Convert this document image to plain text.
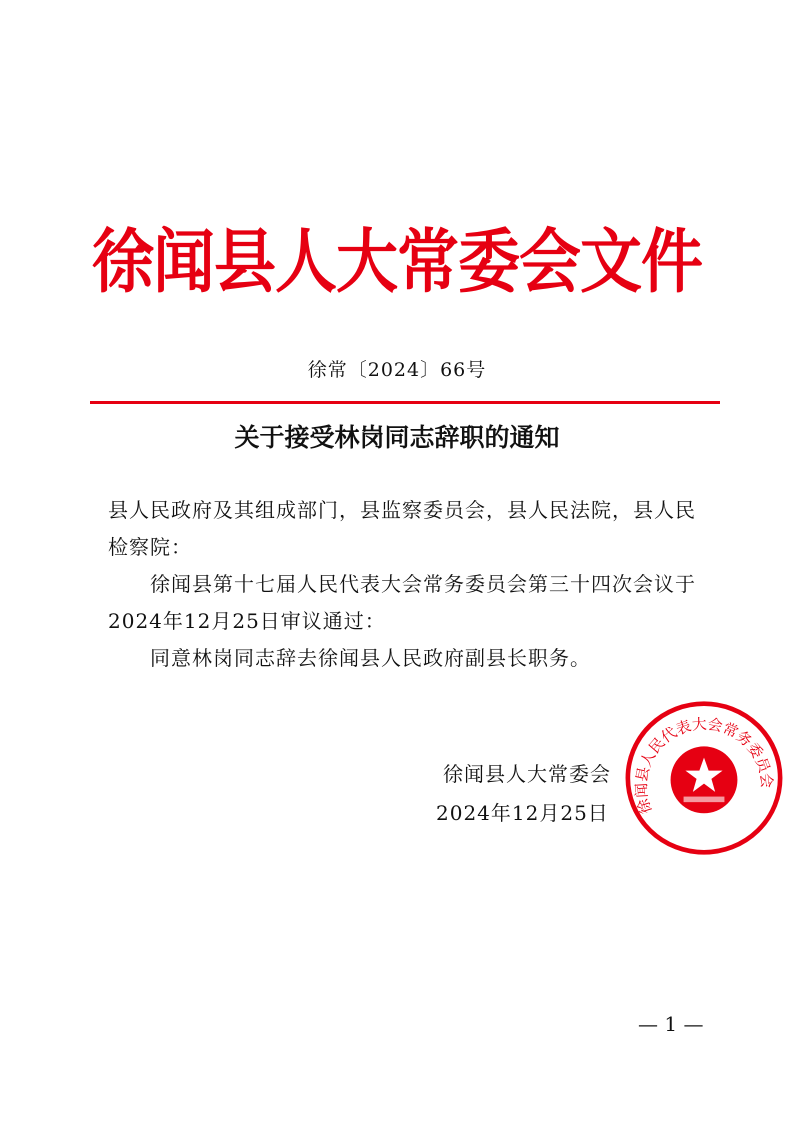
徐闻县人大常委会文件
徐常〔2024〕66号
关于接受林岗同志辞职的通知

县人民政府及其组成部门，县监察委员会，县人民法院，县人民检察院：

徐闻县第十七届人民代表大会常务委员会第三十四次会议于2024年12月25日审议通过：

同意林岗同志辞去徐闻县人民政府副县长职务。

徐闻县人民代表大会常务委员会
徐闻县人大常委会
2024年12月25日
— 1 —
